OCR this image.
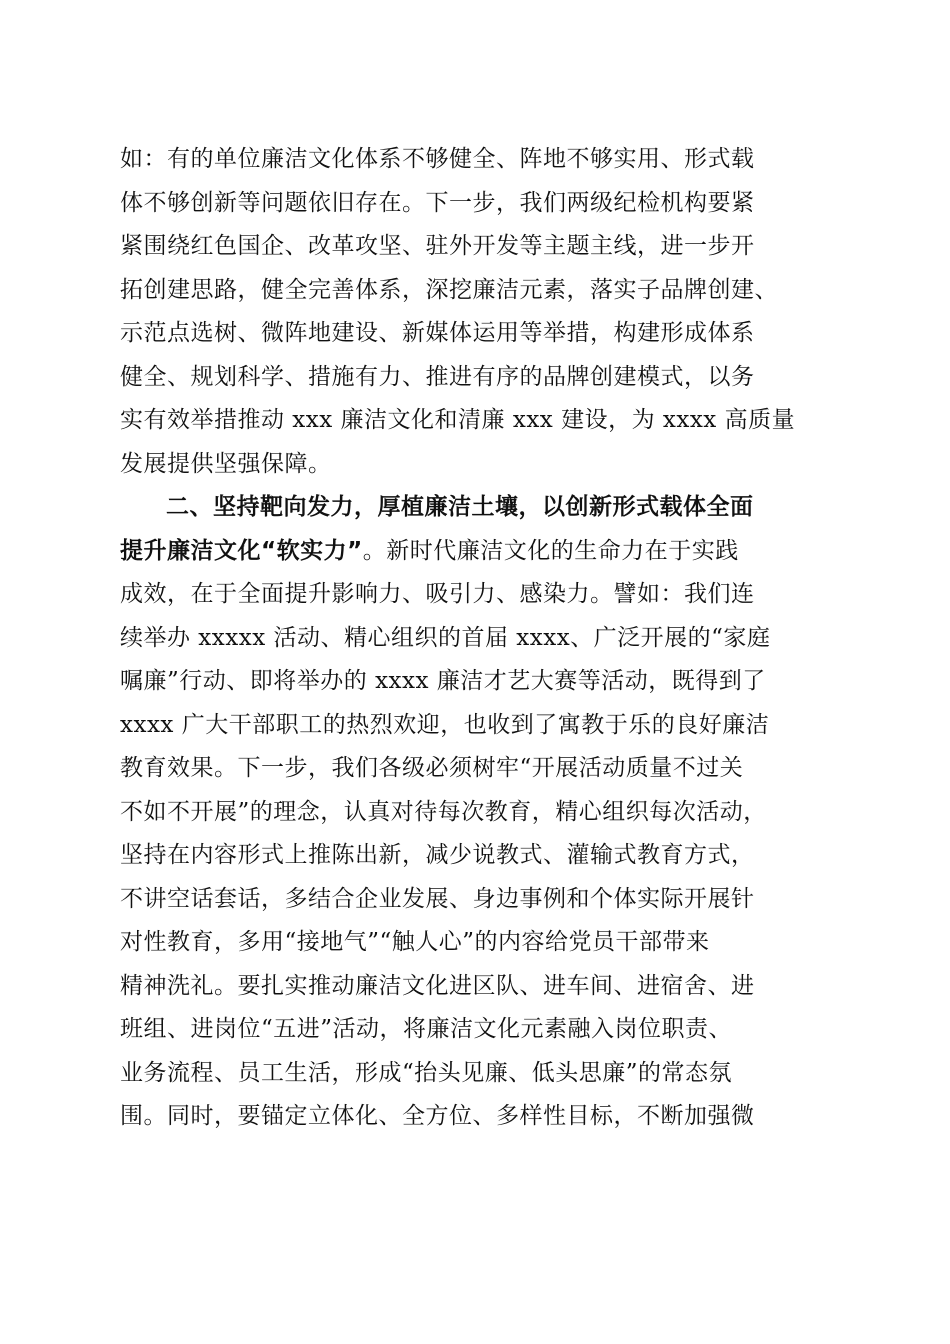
如：有的单位廉洁文化体系不够健全、阵地不够实用、形式载
体不够创新等问题依旧存在。下一步，我们两级纪检机构要紧
紧围绕红色国企、改革攻坚、驻外开发等主题主线，进一步开
拓创建思路，健全完善体系，深挖廉洁元素，落实子品牌创建、
示范点选树、微阵地建设、新媒体运用等举措，构建形成体系
健全、规划科学、措施有力、推进有序的品牌创建模式，以务
实有效举措推动 xxx 廉洁文化和清廉 xxx 建设，为 xxxx 高质量
发展提供坚强保障。
二、坚持靶向发力，厚植廉洁土壤，以创新形式载体全面
提升廉洁文化“软实力”。新时代廉洁文化的生命力在于实践
成效，在于全面提升影响力、吸引力、感染力。譬如：我们连
续举办 xxxxx 活动、精心组织的首届 xxxx、广泛开展的“家庭
嘱廉”行动、即将举办的 xxxx 廉洁才艺大赛等活动，既得到了
xxxx 广大干部职工的热烈欢迎，也收到了寓教于乐的良好廉洁
教育效果。下一步，我们各级必须树牢“开展活动质量不过关
不如不开展”的理念，认真对待每次教育，精心组织每次活动，
坚持在内容形式上推陈出新，减少说教式、灌输式教育方式，
不讲空话套话，多结合企业发展、身边事例和个体实际开展针
对性教育，多用“接地气”“触人心”的内容给党员干部带来
精神洗礼。要扎实推动廉洁文化进区队、进车间、进宿舍、进
班组、进岗位“五进”活动，将廉洁文化元素融入岗位职责、
业务流程、员工生活，形成“抬头见廉、低头思廉”的常态氛
围。同时，要锚定立体化、全方位、多样性目标，不断加强微
